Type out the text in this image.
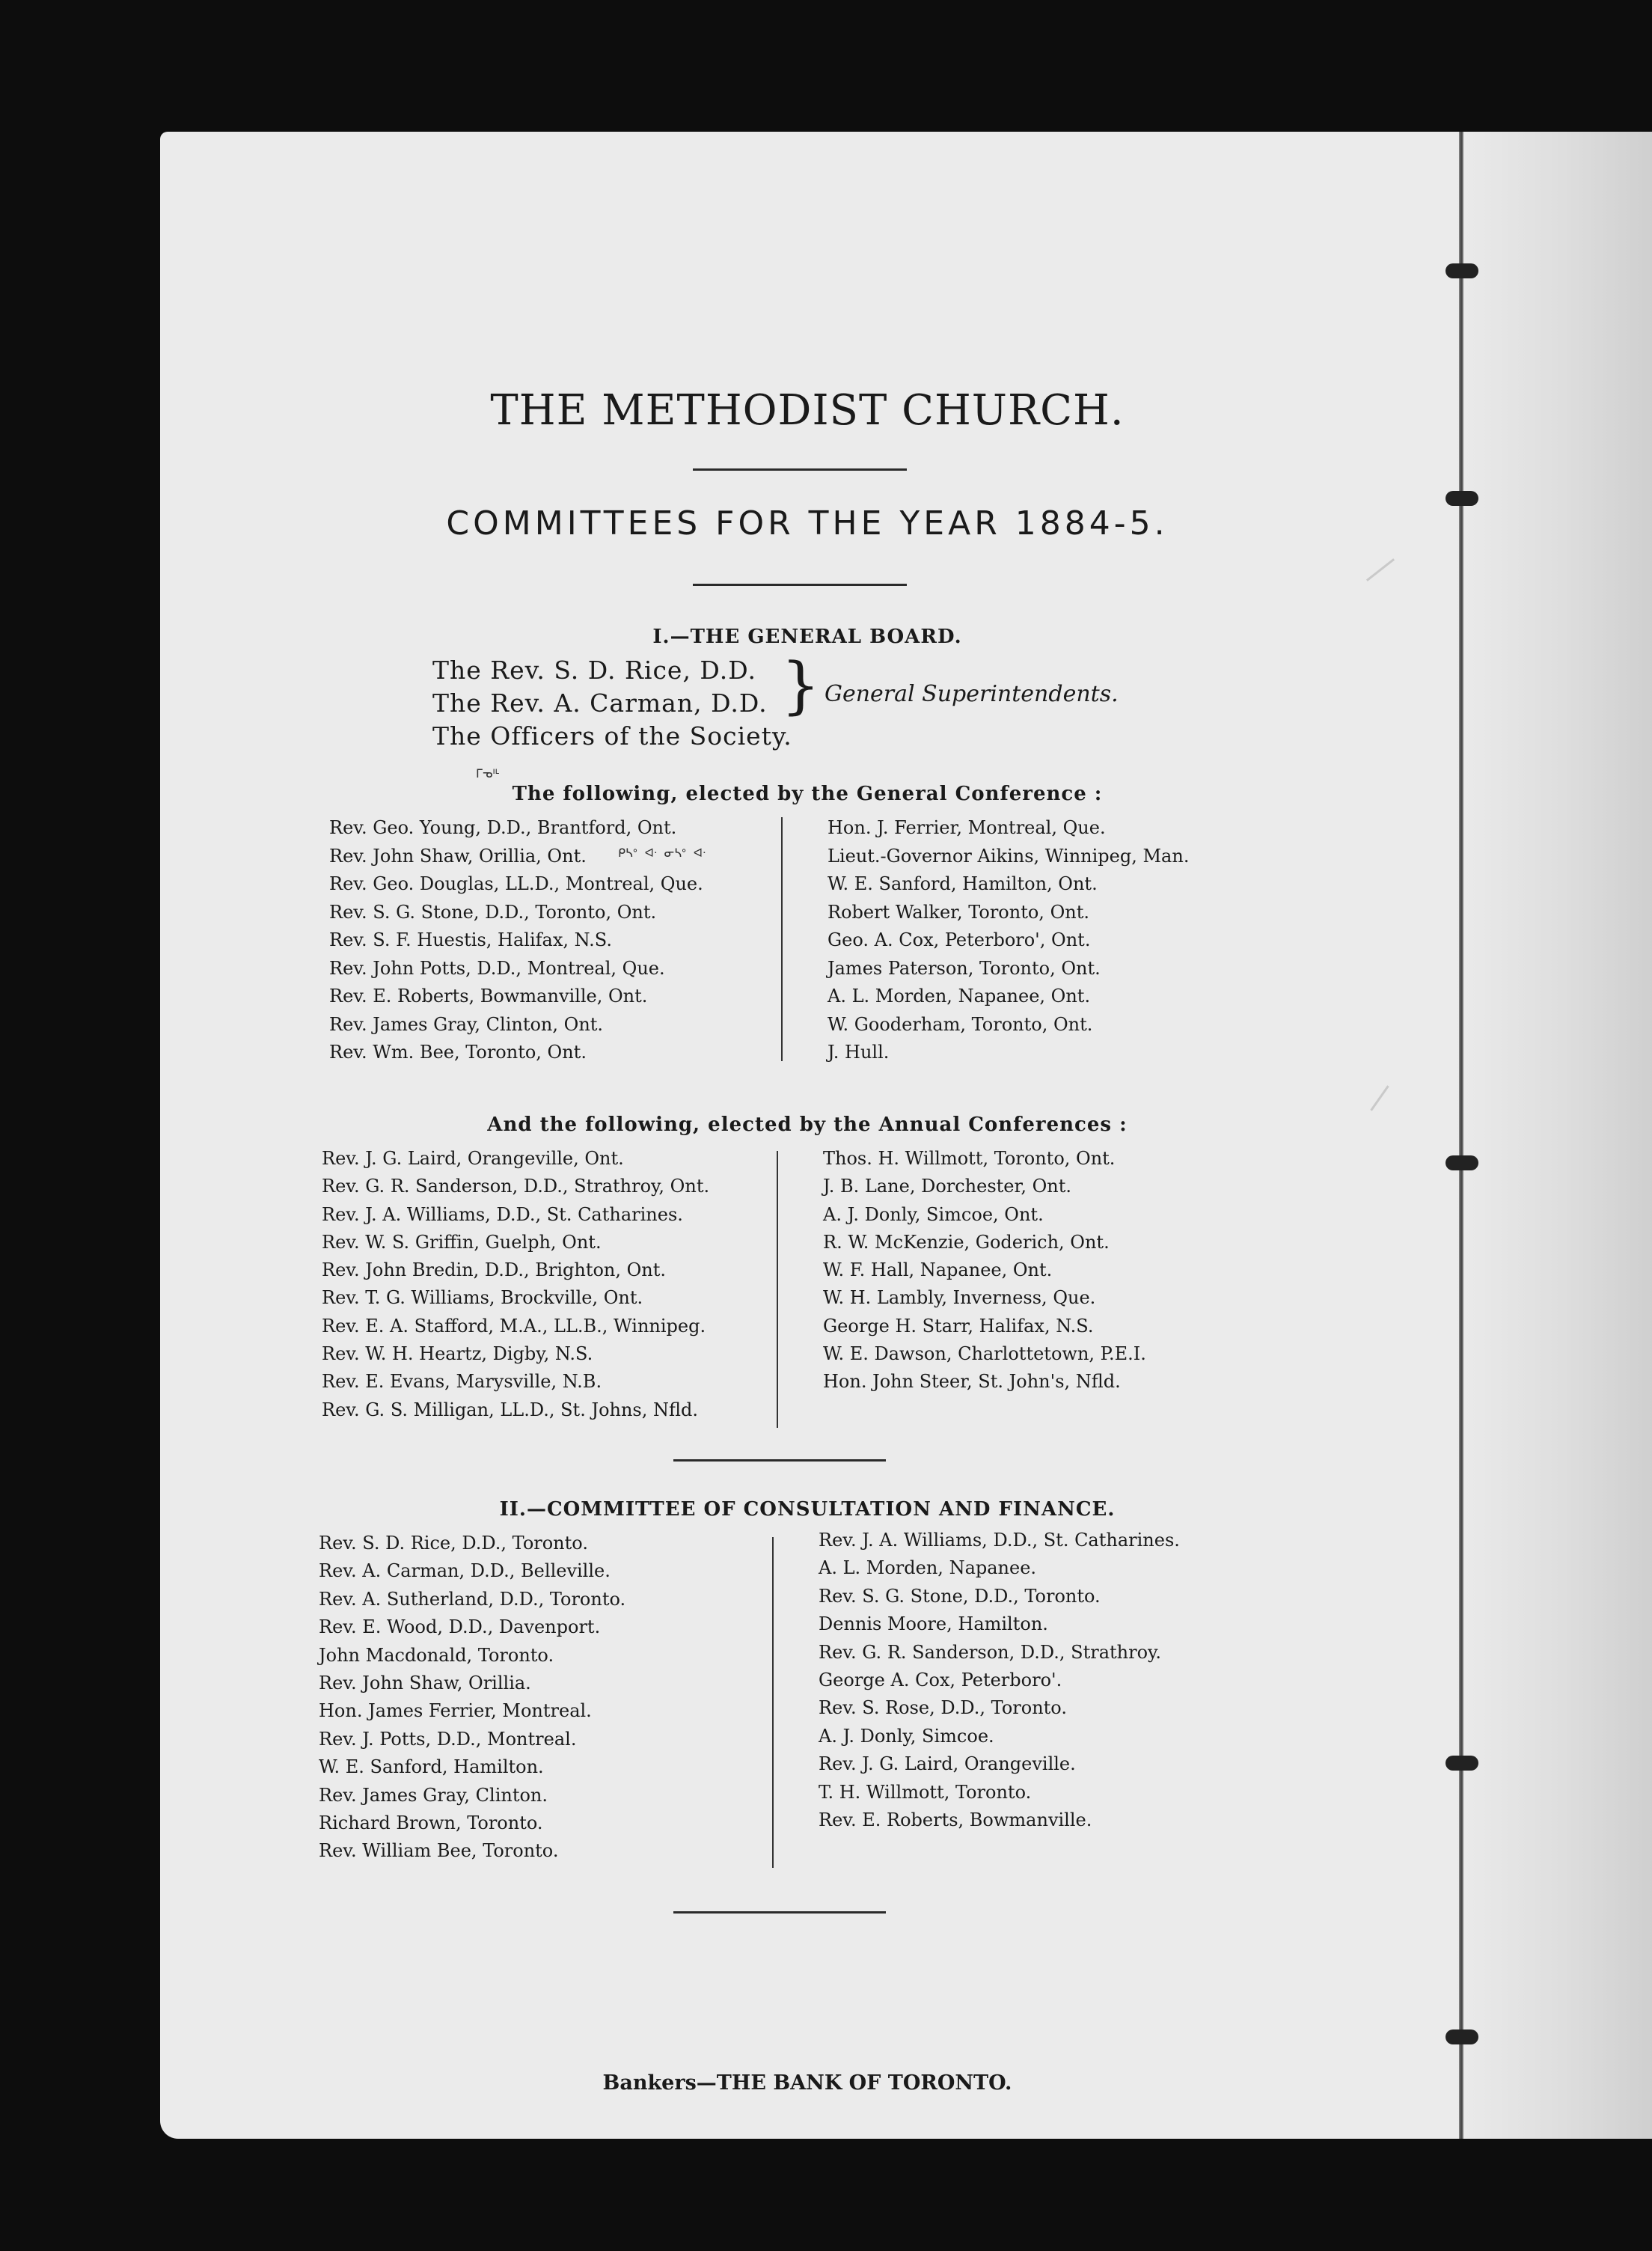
THE METHODIST CHURCH.
COMMITTEES FOR THE YEAR 1884-5.
I.—THE GENERAL BOARD.
The Rev. S. D. Rice, D.D.
The Rev. A. Carman, D.D.
The Officers of the Society.
} General Superintendents.
ᒥᓀᑊᒻ
The following, elected by the General Conference :
Rev. Geo. Young, D.D., Brantford, Ont.
Rev. John Shaw, Orillia, Ont.
Rev. Geo. Douglas, LL.D., Montreal, Que.
Rev. S. G. Stone, D.D., Toronto, Ont.
Rev. S. F. Huestis, Halifax, N.S.
Rev. John Potts, D.D., Montreal, Que.
Rev. E. Roberts, Bowmanville, Ont.
Rev. James Gray, Clinton, Ont.
Rev. Wm. Bee, Toronto, Ont.
ᑭᓴᐤ ᐊᐧ ᓂᓴᐤ ᐊᐧ
Hon. J. Ferrier, Montreal, Que.
Lieut.-Governor Aikins, Winnipeg, Man.
W. E. Sanford, Hamilton, Ont.
Robert Walker, Toronto, Ont.
Geo. A. Cox, Peterboro', Ont.
James Paterson, Toronto, Ont.
A. L. Morden, Napanee, Ont.
W. Gooderham, Toronto, Ont.
J. Hull.
And the following, elected by the Annual Conferences :
Rev. J. G. Laird, Orangeville, Ont.
Rev. G. R. Sanderson, D.D., Strathroy, Ont.
Rev. J. A. Williams, D.D., St. Catharines.
Rev. W. S. Griffin, Guelph, Ont.
Rev. John Bredin, D.D., Brighton, Ont.
Rev. T. G. Williams, Brockville, Ont.
Rev. E. A. Stafford, M.A., LL.B., Winnipeg.
Rev. W. H. Heartz, Digby, N.S.
Rev. E. Evans, Marysville, N.B.
Rev. G. S. Milligan, LL.D., St. Johns, Nfld.
Thos. H. Willmott, Toronto, Ont.
J. B. Lane, Dorchester, Ont.
A. J. Donly, Simcoe, Ont.
R. W. McKenzie, Goderich, Ont.
W. F. Hall, Napanee, Ont.
W. H. Lambly, Inverness, Que.
George H. Starr, Halifax, N.S.
W. E. Dawson, Charlottetown, P.E.I.
Hon. John Steer, St. John's, Nfld.
II.—COMMITTEE OF CONSULTATION AND FINANCE.
Rev. S. D. Rice, D.D., Toronto.
Rev. A. Carman, D.D., Belleville.
Rev. A. Sutherland, D.D., Toronto.
Rev. E. Wood, D.D., Davenport.
John Macdonald, Toronto.
Rev. John Shaw, Orillia.
Hon. James Ferrier, Montreal.
Rev. J. Potts, D.D., Montreal.
W. E. Sanford, Hamilton.
Rev. James Gray, Clinton.
Richard Brown, Toronto.
Rev. William Bee, Toronto.
Rev. J. A. Williams, D.D., St. Catharines.
A. L. Morden, Napanee.
Rev. S. G. Stone, D.D., Toronto.
Dennis Moore, Hamilton.
Rev. G. R. Sanderson, D.D., Strathroy.
George A. Cox, Peterboro'.
Rev. S. Rose, D.D., Toronto.
A. J. Donly, Simcoe.
Rev. J. G. Laird, Orangeville.
T. H. Willmott, Toronto.
Rev. E. Roberts, Bowmanville.
Bankers—THE BANK OF TORONTO.
